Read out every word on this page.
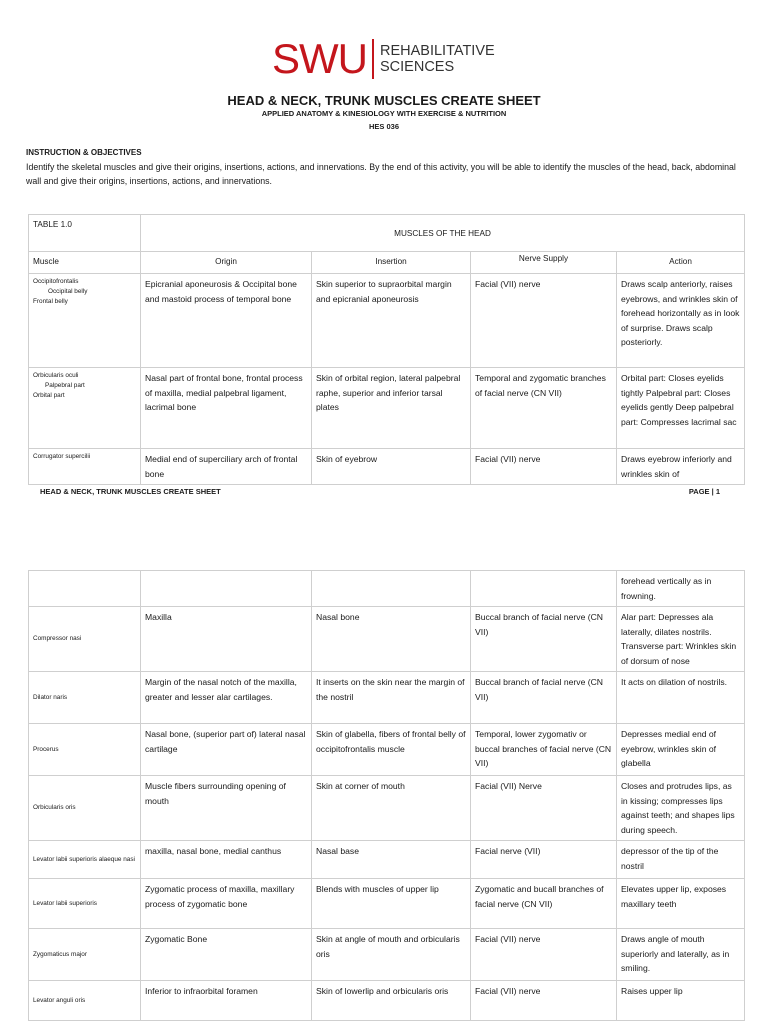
SWU REHABILITATIVE
SCIENCES
HEAD & NECK, TRUNK MUSCLES CREATE SHEET
APPLIED ANATOMY & KINESIOLOGY WITH EXERCISE & NUTRITION
HES 036
INSTRUCTION & OBJECTIVES
Identify the skeletal muscles and give their origins, insertions, actions, and innervations. By the end of this activity, you will be able to identify the muscles of the head, back, abdominal wall and give their origins, insertions, actions, and innervations.
TABLE 1.0	MUSCLES OF THE HEAD			
Muscle	Origin	Insertion	Nerve Supply	Action

Occipitofrontalis
Occipital belly
Frontal belly	Epicranial aponeurosis & Occipital bone and mastoid process of temporal bone	Skin superior to supraorbital margin and epicranial aponeurosis	Facial (VII) nerve	Draws scalp anteriorly, raises eyebrows, and wrinkles skin of forehead horizontally as in look of surprise. Draws scalp posteriorly.

Orbicularis oculi
Palpebral part
Orbital part	Nasal part of frontal bone, frontal process of maxilla, medial palpebral ligament, lacrimal bone	Skin of orbital region, lateral palpebral raphe, superior and inferior tarsal plates	Temporal and zygomatic branches of facial nerve (CN VII)	Orbital part: Closes eyelids tightly Palpebral part: Closes eyelids gently Deep palpebral part: Compresses lacrimal sac

Corrugator supercilii	Medial end of superciliary arch of frontal bone	Skin of eyebrow	Facial (VII) nerve	Draws eyebrow inferiorly and wrinkles skin of
HEAD & NECK, TRUNK MUSCLES CREATE SHEET	PAGE | 1
				forehead vertically as in frowning.
Compressor nasi	Maxilla	Nasal bone	Buccal branch of facial nerve (CN VII)	Alar part: Depresses ala laterally, dilates nostrils. Transverse part: Wrinkles skin of dorsum of nose
Dilator naris	Margin of the nasal notch of the maxilla, greater and lesser alar cartilages.	It inserts on the skin near the margin of the nostril	Buccal branch of facial nerve (CN VII)	It acts on dilation of nostrils.
Procerus	Nasal bone, (superior part of) lateral nasal cartilage	Skin of glabella, fibers of frontal belly of occipitofrontalis muscle	Temporal, lower zygomativ or buccal branches of facial nerve (CN VII)	Depresses medial end of eyebrow, wrinkles skin of glabella
Orbicularis oris	Muscle fibers surrounding opening of mouth	Skin at corner of mouth	Facial (VII) Nerve	Closes and protrudes lips, as in kissing; compresses lips against teeth; and shapes lips during speech.
Levator labii superioris alaeque nasi	maxilla, nasal bone, medial canthus	Nasal base	Facial nerve (VII)	depressor of the tip of the nostril
Levator labii superioris	Zygomatic process of maxilla, maxillary process of zygomatic bone	Blends with muscles of upper lip	Zygomatic and bucall branches of facial nerve (CN VII)	Elevates upper lip, exposes maxillary teeth
Zygomaticus major	Zygomatic Bone	Skin at angle of mouth and orbicularis oris	Facial (VII) nerve	Draws angle of mouth superiorly and laterally, as in smiling.
Levator anguli oris	Inferior to infraorbital foramen	Skin of lowerlip and orbicularis oris	Facial (VII) nerve	Raises upper lip
